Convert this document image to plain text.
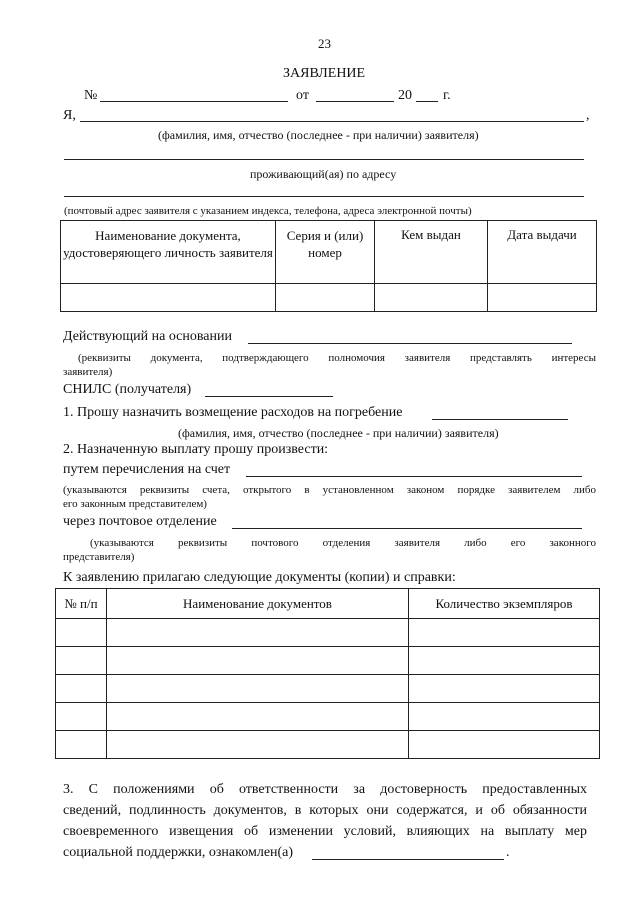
23
ЗАЯВЛЕНИЕ
№	от	20 г.
Я,	,
(фамилия, имя, отчество (последнее - при наличии) заявителя)
проживающий(ая) по адресу
(почтовый адрес заявителя с указанием индекса, телефона, адреса электронной почты)
Наименование документа, удостоверяющего личность заявителя	Серия и (или) номер	Кем выдан	Дата выдачи

Действующий на основании
(реквизиты документа, подтверждающего полномочия заявителя представлять интересы
заявителя)
СНИЛС (получателя)
1. Прошу назначить возмещение расходов на погребение
(фамилия, имя, отчество (последнее - при наличии) заявителя)
2. Назначенную выплату прошу произвести:
путем перечисления на счет
(указываются реквизиты счета, открытого в установленном законом порядке заявителем либо
его законным представителем)
через почтовое отделение
(указываются реквизиты почтового отделения заявителя либо его законного
представителя)
К заявлению прилагаю следующие документы (копии) и справки:
№ п/п	Наименование документов	Количество экземпляров

3. С положениями об ответственности за достоверность предоставленных
сведений, подлинность документов, в которых они содержатся, и об обязанности
своевременного извещения об изменении условий, влияющих на выплату мер
социальной поддержки, ознакомлен(а)	.
